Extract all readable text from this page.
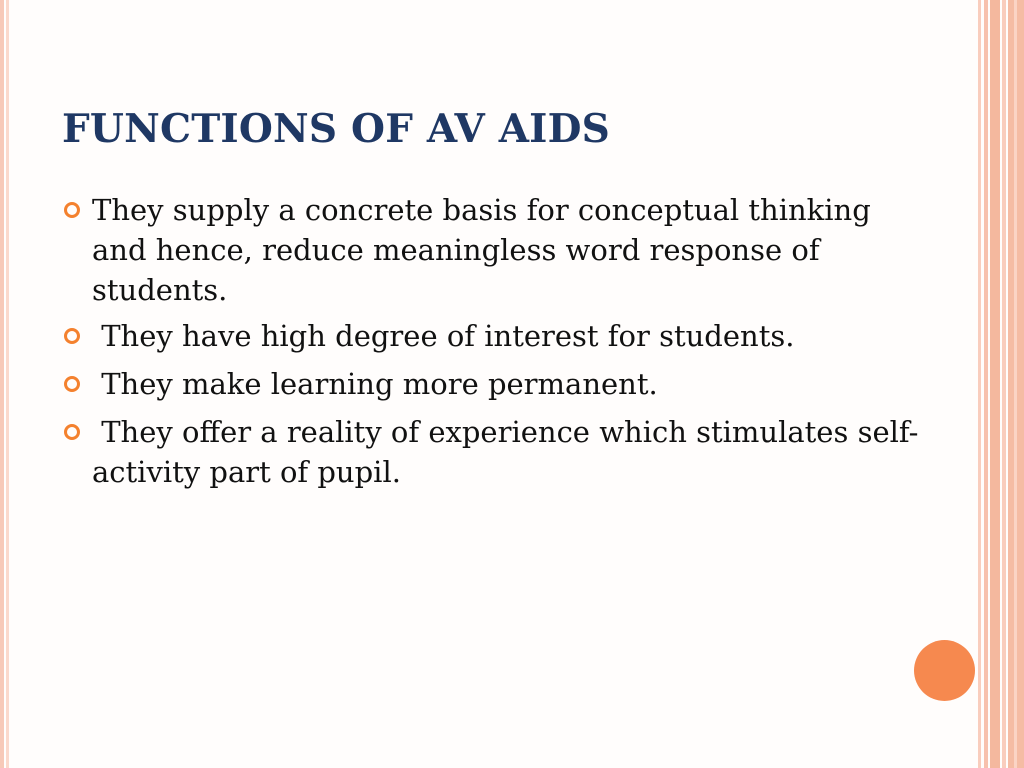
FUNCTIONS OF AV AIDS
They supply a concrete basis for conceptual thinking and hence, reduce meaningless word response of students.
They have high degree of interest for students.
They make learning more permanent.
They offer a reality of experience which stimulates self-activity part of pupil.
